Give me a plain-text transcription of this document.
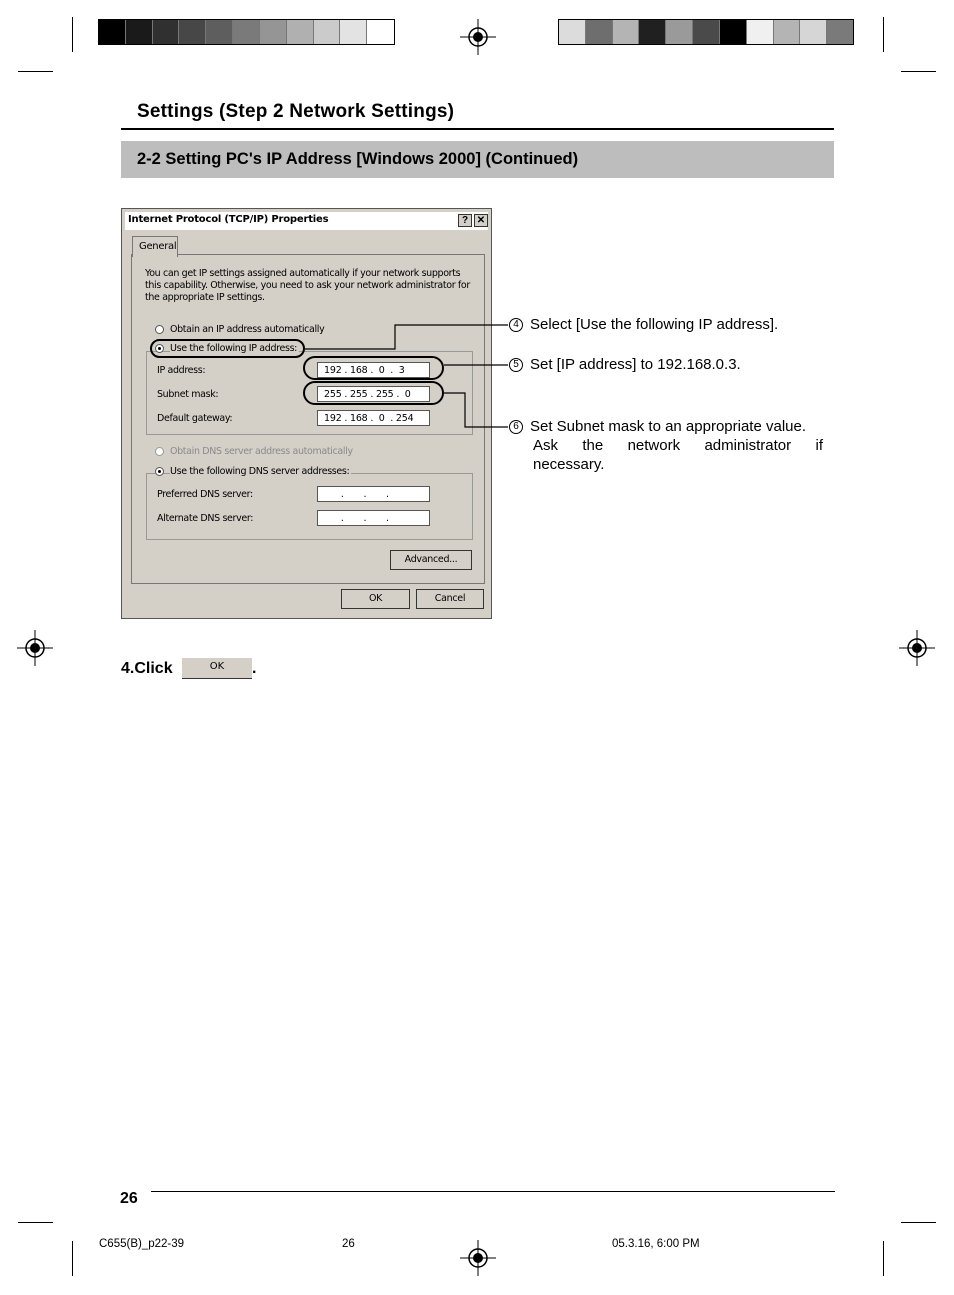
Settings (Step 2 Network Settings)
2-2 Setting PC's IP Address [Windows 2000] (Continued)
Internet Protocol (TCP/IP) Properties	? ✕
General
You can get IP settings assigned automatically if your network supports
this capability. Otherwise, you need to ask your network administrator for
the appropriate IP settings.
Obtain an IP address automatically
Use the following IP address:
IP address:	192 . 168 .  0  .  3
Subnet mask:	255 . 255 . 255 .  0
Default gateway:	192 . 168 .  0  . 254
Obtain DNS server address automatically
Use the following DNS server addresses:
Preferred DNS server:	.       .       .
Alternate DNS server:	.       .       .
Advanced...
OK	Cancel
4 Select [Use the following IP address].
5 Set [IP address] to 192.168.0.3.
6 Set Subnet mask to an appropriate value.
Ask the network administrator if
necessary.
4.Click	OK	.
26
C655(B)_p22-39	26	05.3.16, 6:00 PM
